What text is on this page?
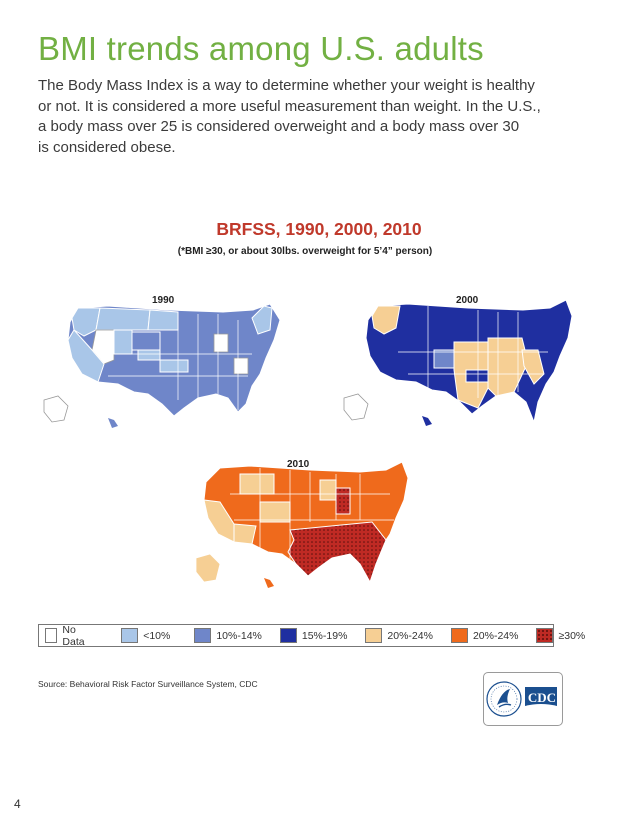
BMI trends among U.S. adults
The Body Mass Index is a way to determine whether your weight is healthy
or not. It is considered a more useful measurement than weight. In the U.S.,
a body mass over 25 is considered overweight and a body mass over 30
is considered obese.
BRFSS, 1990, 2000, 2010
(*BMI ≥30, or about 30lbs. overweight for 5’4” person)
1990	2000
2010
No Data	<10%	10%-14%	15%-19%	20%-24%	20%-24%	≥30%
Source: Behavioral Risk Factor Surveillance System, CDC
CDC
4
